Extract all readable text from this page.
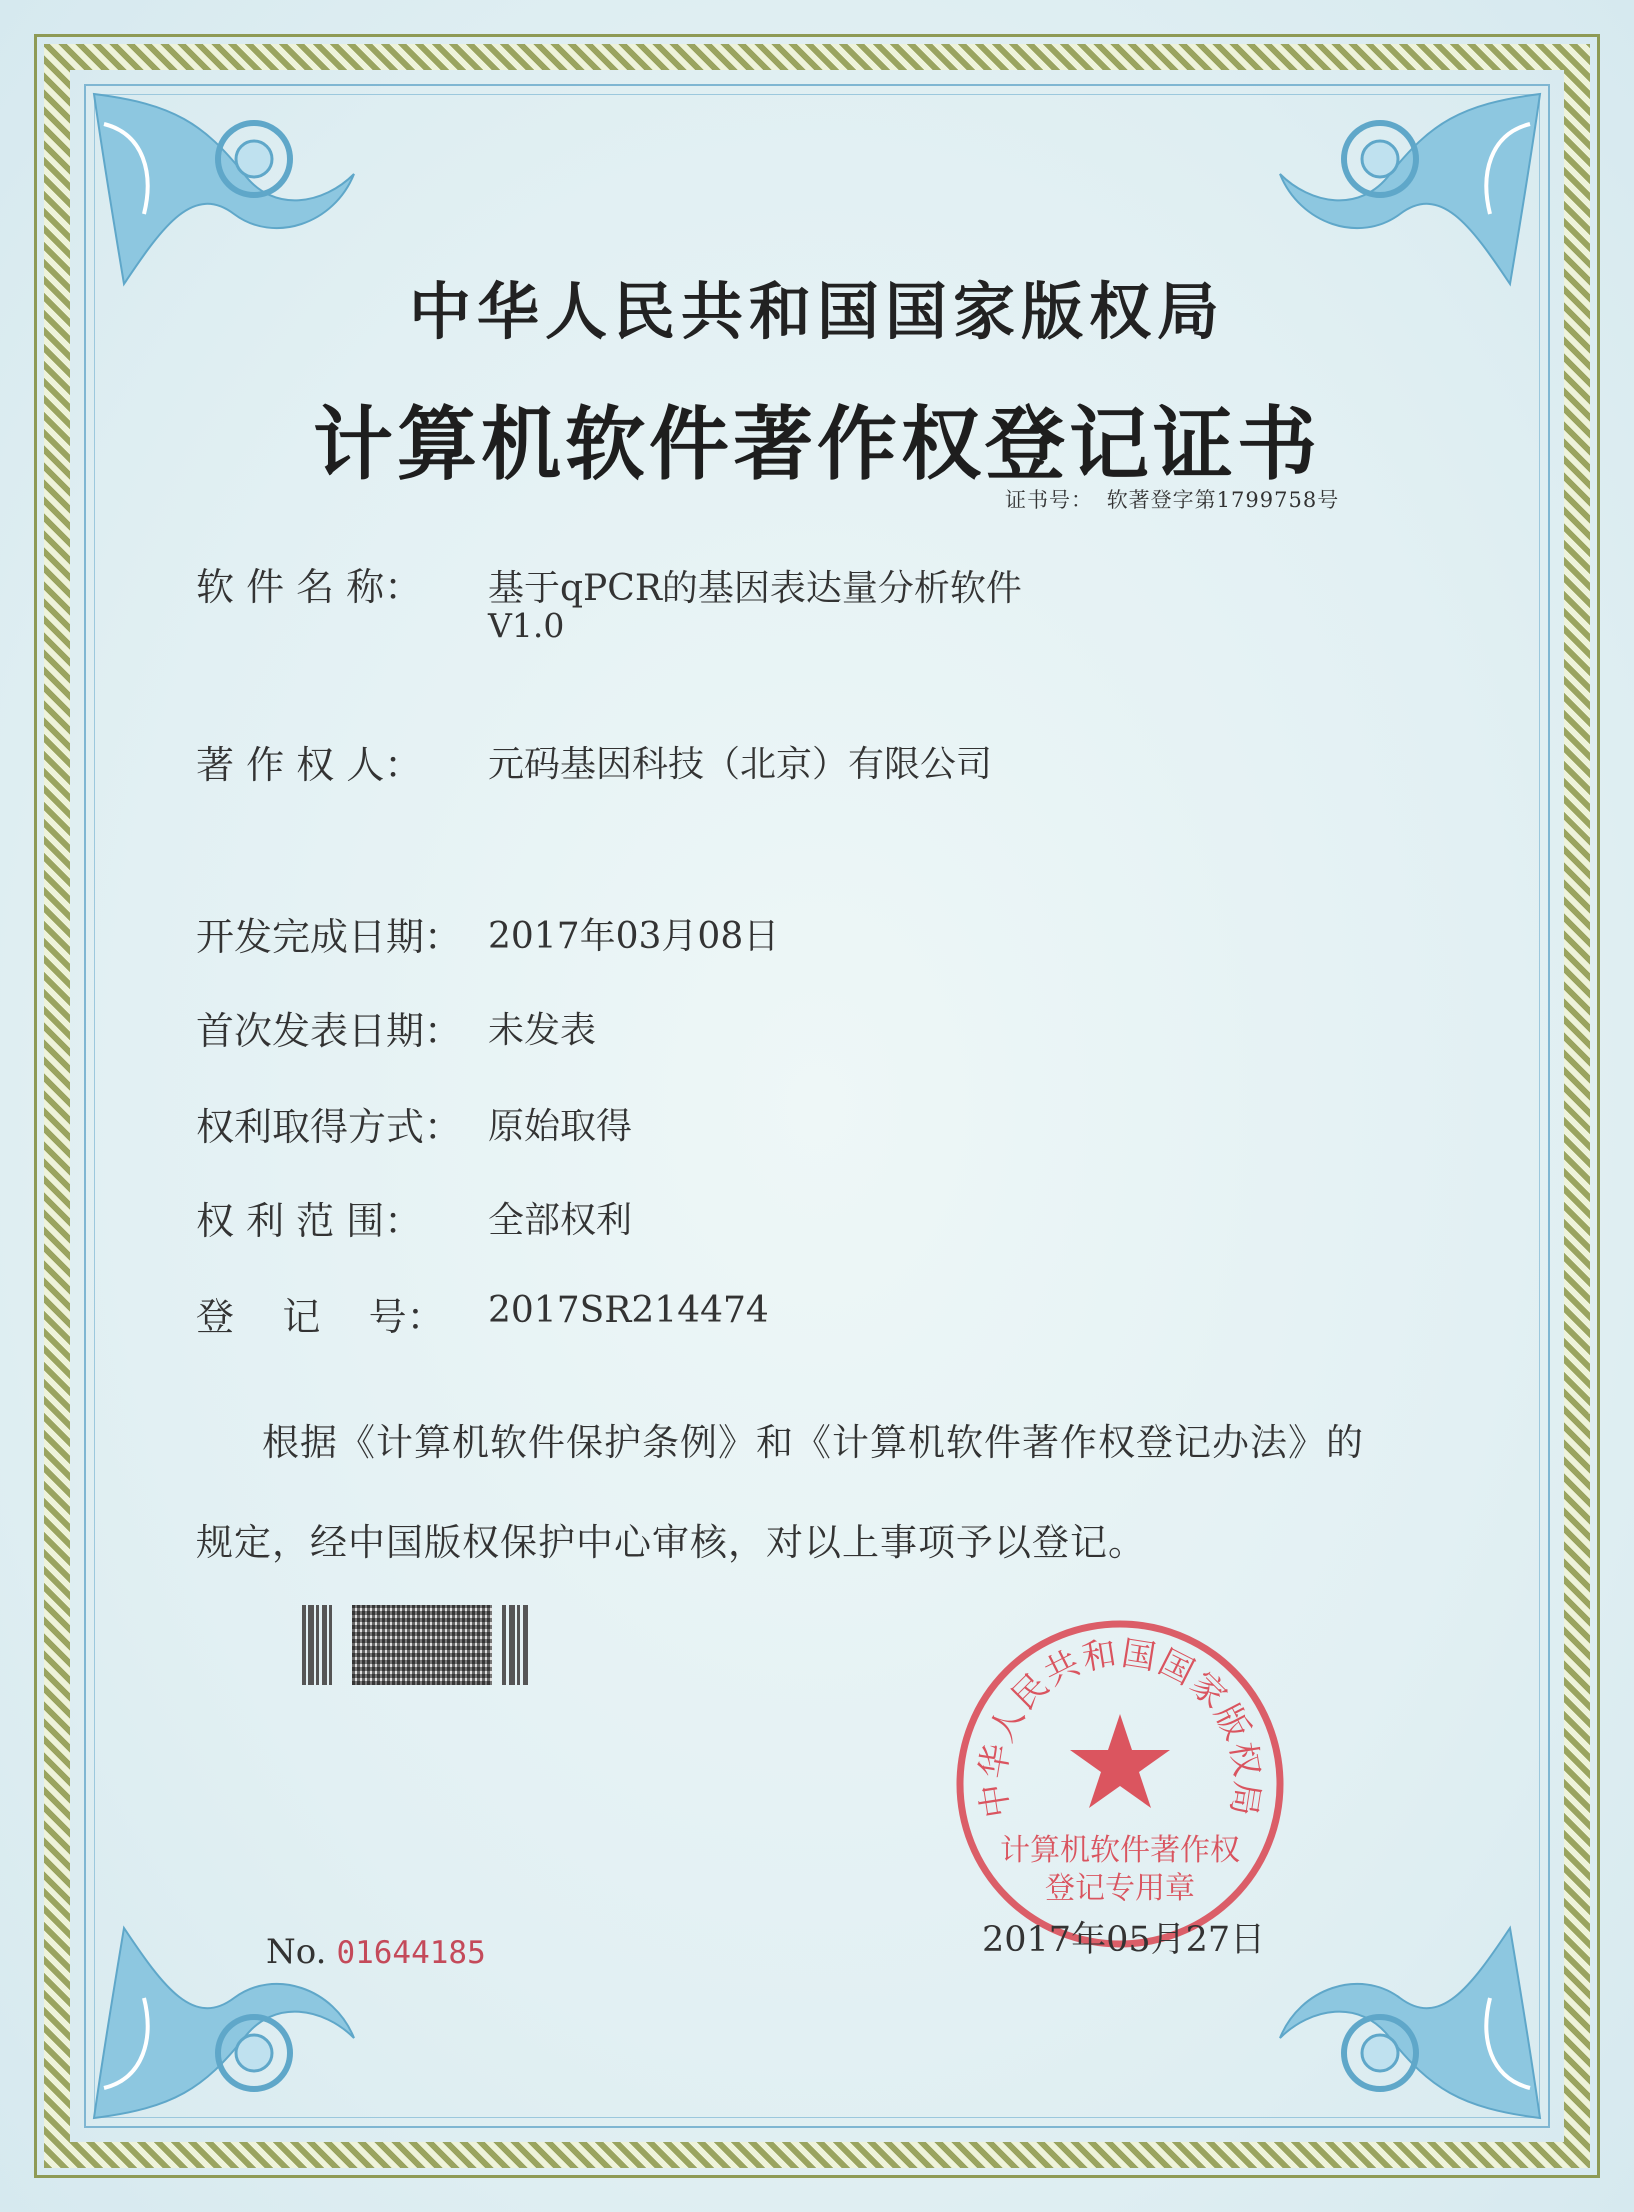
中华人民共和国国家版权局
计算机软件著作权登记证书
证书号： 软著登字第1799758号
软 件 名 称： 基于qPCR的基因表达量分析软件
V1.0
著 作 权 人： 元码基因科技（北京）有限公司
开发完成日期： 2017年03月08日
首次发表日期： 未发表
权利取得方式： 原始取得
权 利 范 围： 全部权利
登    记    号： 2017SR214474
根据《计算机软件保护条例》和《计算机软件著作权登记办法》的
规定，经中国版权保护中心审核，对以上事项予以登记。
No. 01644185
中华人民共和国国家版权局
计算机软件著作权
登记专用章
2017年05月27日
